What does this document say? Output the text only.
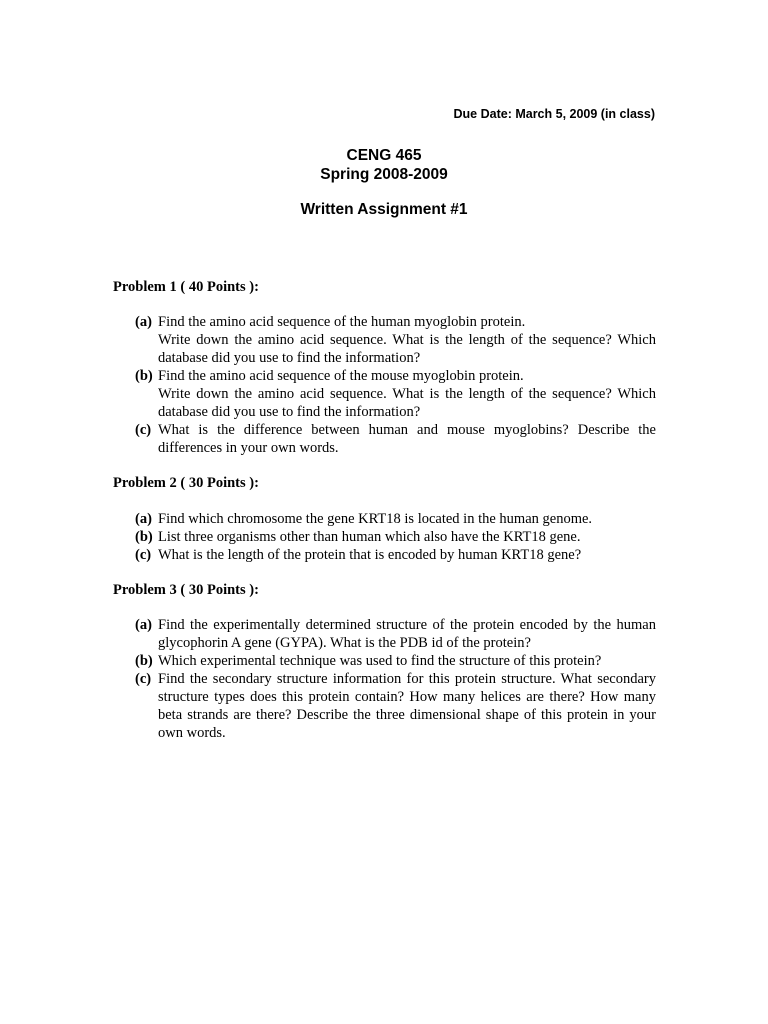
Due Date: March 5, 2009 (in class)
CENG 465
Spring 2008-2009
Written Assignment #1
Problem 1 ( 40 Points ):
(a) Find the amino acid sequence of the human myoglobin protein.
Write down the amino acid sequence. What is the length of the sequence? Which database did you use to find the information?
(b) Find the amino acid sequence of the mouse myoglobin protein.
Write down the amino acid sequence. What is the length of the sequence? Which database did you use to find the information?
(c) What is the difference between human and mouse myoglobins? Describe the differences in your own words.
Problem 2 ( 30 Points ):
(a) Find which chromosome the gene KRT18 is located in the human genome.
(b) List three organisms other than human which also have the KRT18 gene.
(c) What is the length of the protein that is encoded by human KRT18 gene?
Problem 3 ( 30 Points ):
(a) Find the experimentally determined structure of the protein encoded by the human glycophorin A gene (GYPA). What is the PDB id of the protein?
(b) Which experimental technique was used to find the structure of this protein?
(c) Find the secondary structure information for this protein structure. What secondary structure types does this protein contain? How many helices are there? How many beta strands are there? Describe the three dimensional shape of this protein in your own words.
